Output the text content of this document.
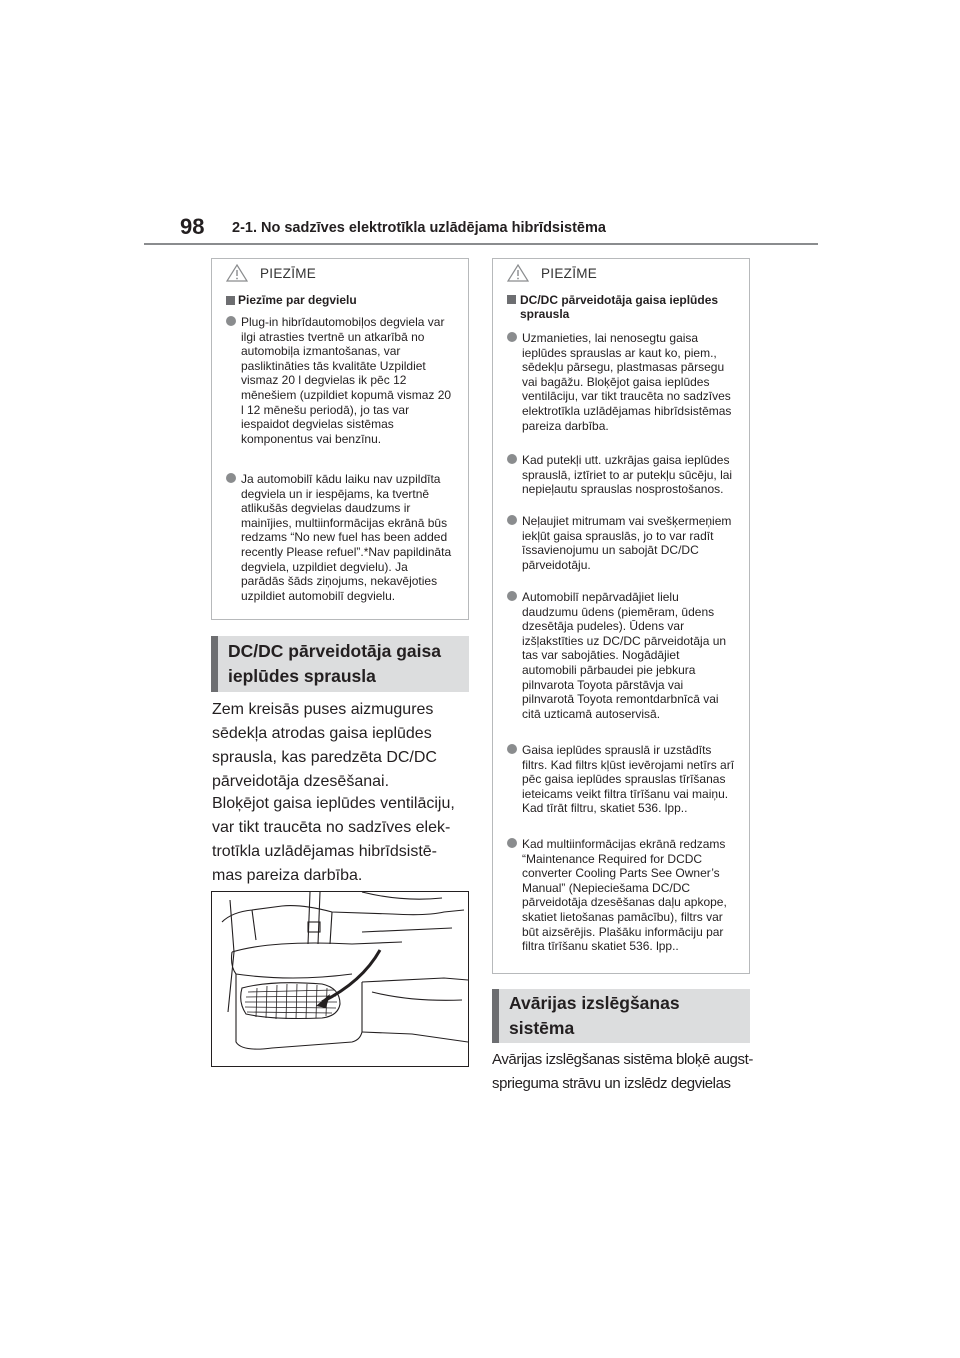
98 2-1. No sadzīves elektrotīkla uzlādējama hibrīdsistēma
PIEZĪME
Piezīme par degvielu
Plug-in hibrīdautomobiļos degviela var
ilgi atrasties tvertnē un atkarībā no
automobiļa izmantošanas, var
pasliktināties tās kvalitāte Uzpildiet
vismaz 20 l degvielas ik pēc 12
mēnešiem (uzpildiet kopumā vismaz 20
l 12 mēnešu periodā), jo tas var
iespaidot degvielas sistēmas
komponentus vai benzīnu.
Ja automobilī kādu laiku nav uzpildīta
degviela un ir iespējams, ka tvertnē
atlikušās degvielas daudzums ir
mainījies, multiinformācijas ekrānā būs
redzams “No new fuel has been added
recently Please refuel”.*Nav papildināta
degviela, uzpildiet degvielu). Ja
parādās šāds ziņojums, nekavējoties
uzpildiet automobilī degvielu.
DC/DC pārveidotāja gaisa
ieplūdes sprausla
Zem kreisās puses aizmugures
sēdekļa atrodas gaisa ieplūdes
sprausla, kas paredzēta DC/DC
pārveidotāja dzesēšanai.
Bloķējot gaisa ieplūdes ventilāciju,
var tikt traucēta no sadzīves elek-
trotīkla uzlādējamas hibrīdsistē-
mas pareiza darbība.
PIEZĪME
DC/DC pārveidotāja gaisa ieplūdes
sprausla
Uzmanieties, lai nenosegtu gaisa
ieplūdes sprauslas ar kaut ko, piem.,
sēdekļu pārsegu, plastmasas pārsegu
vai bagāžu. Bloķējot gaisa ieplūdes
ventilāciju, var tikt traucēta no sadzīves
elektrotīkla uzlādējamas hibrīdsistēmas
pareiza darbība.
Kad putekļi utt. uzkrājas gaisa ieplūdes
sprauslā, iztīriet to ar putekļu sūcēju, lai
nepieļautu sprauslas nosprostošanos.
Neļaujiet mitrumam vai svešķermeņiem
iekļūt gaisa sprauslās, jo to var radīt
īssavienojumu un sabojāt DC/DC
pārveidotāju.
Automobilī nepārvadājiet lielu
daudzumu ūdens (piemēram, ūdens
dzesētāja pudeles). Ūdens var
izšļakstīties uz DC/DC pārveidotāja un
tas var sabojāties. Nogādājiet
automobili pārbaudei pie jebkura
pilnvarota Toyota pārstāvja vai
pilnvarotā Toyota remontdarbnīcā vai
citā uzticamā autoservisā.
Gaisa ieplūdes sprauslā ir uzstādīts
filtrs. Kad filtrs kļūst ievērojami netīrs arī
pēc gaisa ieplūdes sprauslas tīrīšanas
ieteicams veikt filtra tīrīšanu vai maiņu.
Kad tīrāt filtru, skatiet 536. lpp..
Kad multiinformācijas ekrānā redzams
“Maintenance Required for DCDC
converter Cooling Parts See Owner’s
Manual” (Nepieciešama DC/DC
pārveidotāja dzesēšanas daļu apkope,
skatiet lietošanas pamācību), filtrs var
būt aizsērējis. Plašāku informāciju par
filtra tīrīšanu skatiet 536. lpp..
Avārijas izslēgšanas
sistēma
Avārijas izslēgšanas sistēma bloķē augst-
sprieguma strāvu un izslēdz degvielas
